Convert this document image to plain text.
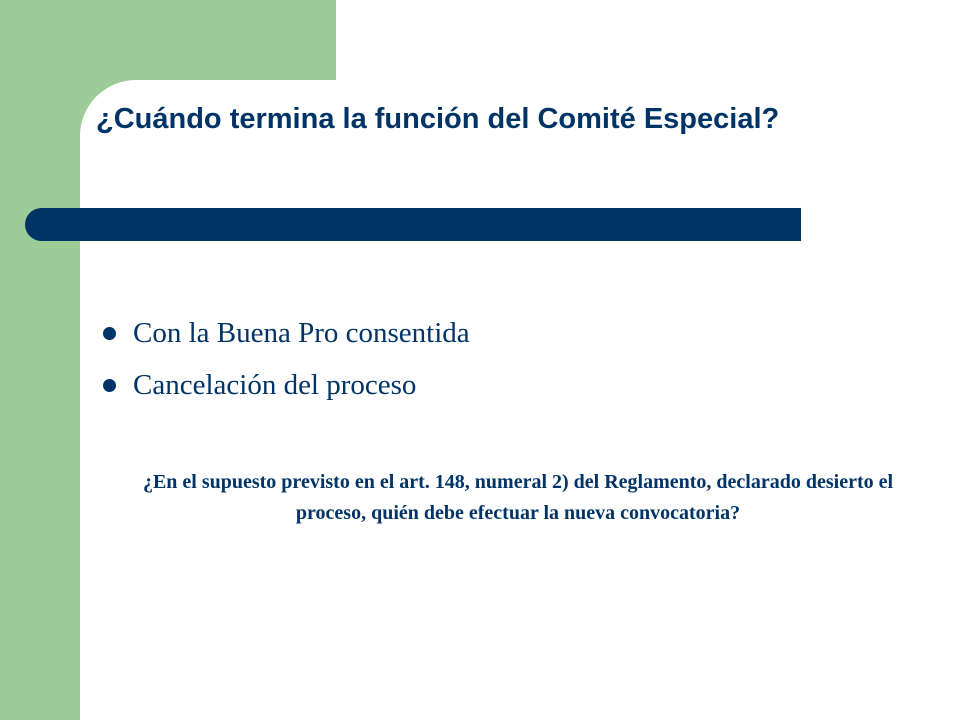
¿Cuándo termina la función del Comité Especial?
Con la Buena Pro consentida
Cancelación del proceso

¿En el supuesto previsto en el art. 148, numeral 2) del Reglamento, declarado desierto el proceso, quién debe efectuar la nueva convocatoria?
